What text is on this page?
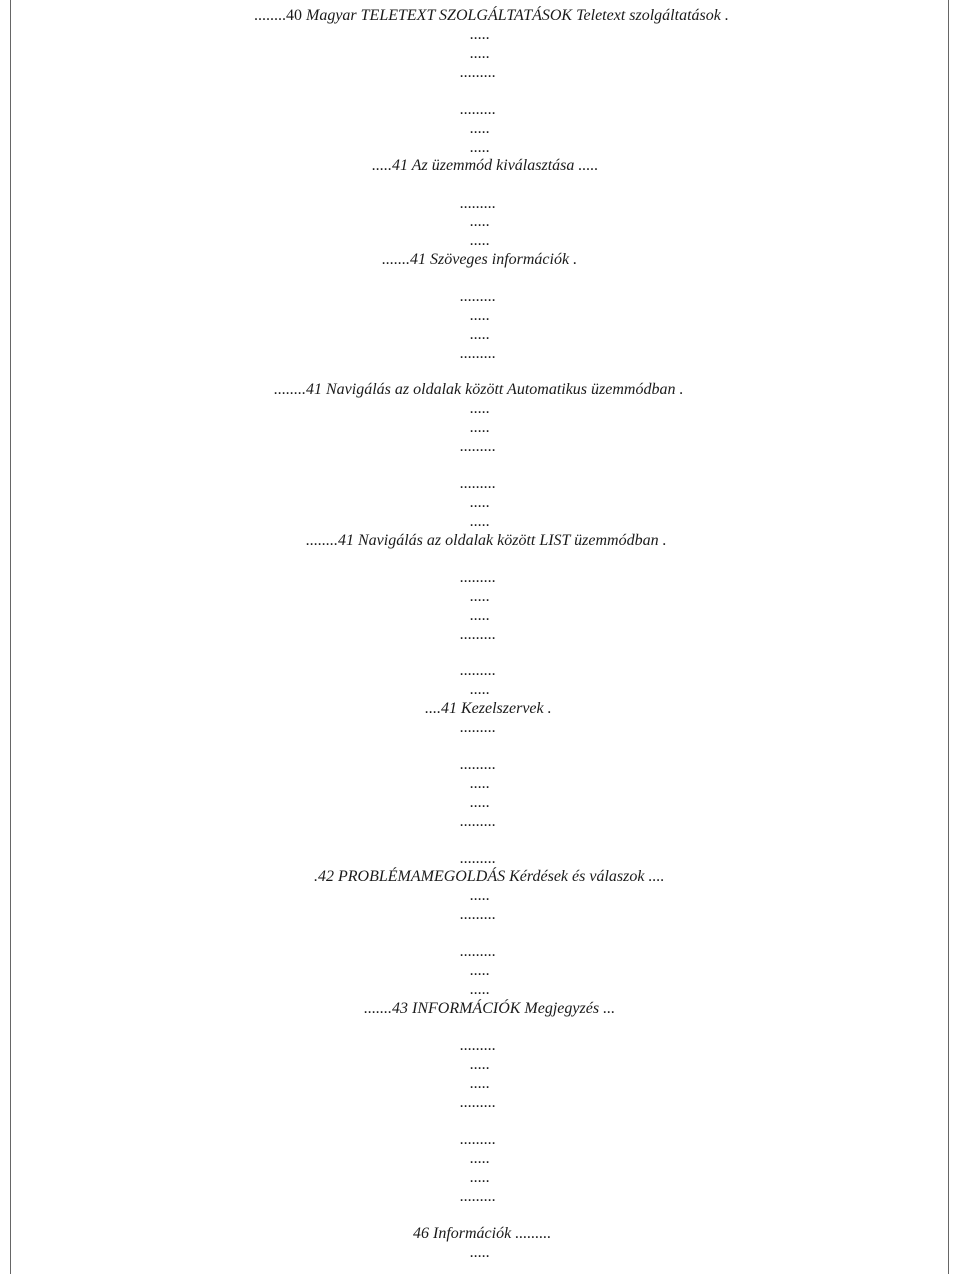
........40 Magyar TELETEXT SZOLGÁLTATÁSOK Teletext szolgáltatások .
.....
.....
.........
.........
.....
.....
.....41 Az üzemmód kiválasztása .....
.........
.....
.....
.......41 Szöveges információk .
.........
.....
.....
.........
........41 Navigálás az oldalak között Automatikus üzemmódban .
.....
.....
.........
.........
.....
.....
........41 Navigálás az oldalak között LIST üzemmódban .
.........
.....
.....
.........
.........
.....
....41 Kezelszervek .
.........
.........
.....
.....
.........
.........
.42 PROBLÉMAMEGOLDÁS Kérdések és válaszok ....
.....
.........
.........
.....
.....
.......43 INFORMÁCIÓK Megjegyzés ...
.........
.....
.....
.........
.........
.....
.....
.........
46 Információk .........
.....
